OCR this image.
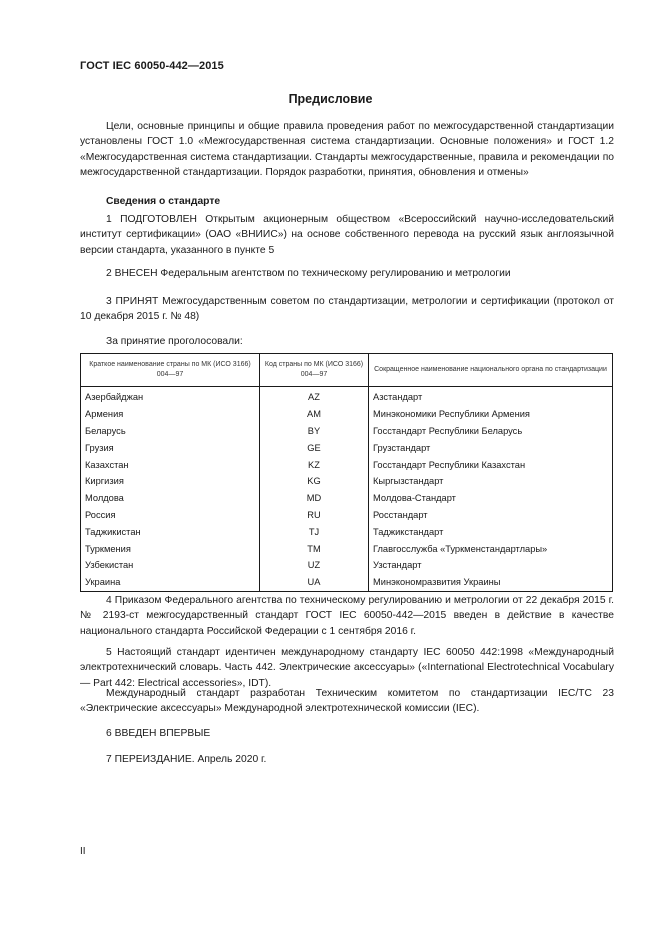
ГОСТ IEC 60050-442—2015
Предисловие

Цели, основные принципы и общие правила проведения работ по межгосударственной стандартизации установлены ГОСТ 1.0 «Межгосударственная система стандартизации. Основные положения» и ГОСТ 1.2 «Межгосударственная система стандартизации. Стандарты межгосударственные, правила и рекомендации по межгосударственной стандартизации. Порядок разработки, принятия, обновления и отмены»

Сведения о стандарте

1 ПОДГОТОВЛЕН Открытым акционерным обществом «Всероссийский научно-исследовательский институт сертификации» (ОАО «ВНИИС») на основе собственного перевода на русский язык англоязычной версии стандарта, указанного в пункте 5

2 ВНЕСЕН Федеральным агентством по техническому регулированию и метрологии

3 ПРИНЯТ Межгосударственным советом по стандартизации, метрологии и сертификации (протокол от 10 декабря 2015 г. № 48)

За принятие проголосовали:
Краткое наименование страны по МК (ИСО 3166) 004—97	Код страны по МК (ИСО 3166) 004—97	Сокращенное наименование национального органа по стандартизации
Азербайджан	AZ	Азстандарт
Армения	AM	Минэкономики Республики Армения
Беларусь	BY	Госстандарт Республики Беларусь
Грузия	GE	Грузстандарт
Казахстан	KZ	Госстандарт Республики Казахстан
Киргизия	KG	Кыргызстандарт
Молдова	MD	Молдова-Стандарт
Россия	RU	Росстандарт
Таджикистан	TJ	Таджикстандарт
Туркмения	TM	Главгосслужба «Туркменстандартлары»
Узбекистан	UZ	Узстандарт
Украина	UA	Минэкономразвития Украины

4 Приказом Федерального агентства по техническому регулированию и метрологии от 22 декабря 2015 г. № 2193-ст межгосударственный стандарт ГОСТ IEC 60050-442—2015 введен в действие в качестве национального стандарта Российской Федерации с 1 сентября 2016 г.

5 Настоящий стандарт идентичен международному стандарту IEC 60050 442:1998 «Международный электротехнический словарь. Часть 442. Электрические аксессуары» («International Electrotechnical Vocabulary — Part 442: Electrical accessories», IDT).

Международный стандарт разработан Техническим комитетом по стандартизации IEC/TC 23 «Электрические аксессуары» Международной электротехнической комиссии (IEC).

6 ВВЕДЕН ВПЕРВЫЕ
7 ПЕРЕИЗДАНИЕ. Апрель 2020 г.
II
